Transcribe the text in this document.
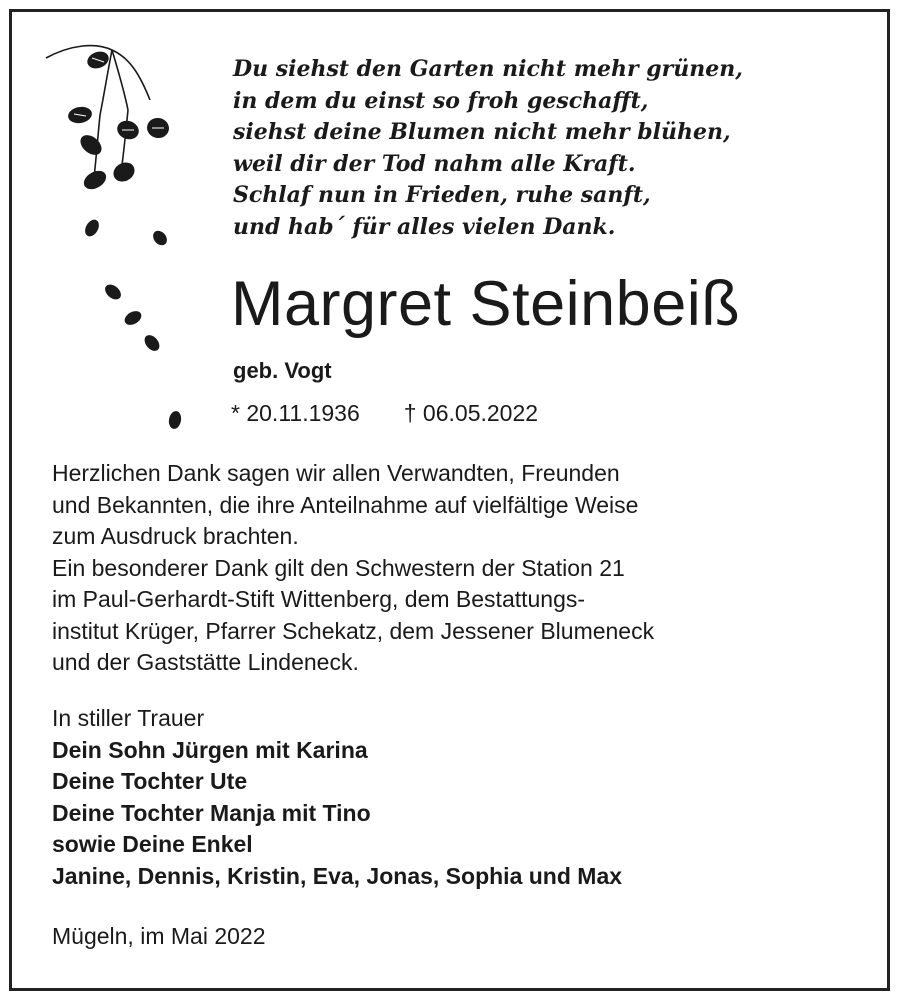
Du siehst den Garten nicht mehr grünen,
in dem du einst so froh geschafft,
siehst deine Blumen nicht mehr blühen,
weil dir der Tod nahm alle Kraft.
Schlaf nun in Frieden, ruhe sanft,
und hab´ für alles vielen Dank.
Margret Steinbeiß
geb. Vogt
* 20.11.1936 † 06.05.2022
Herzlichen Dank sagen wir allen Verwandten, Freunden
und Bekannten, die ihre Anteilnahme auf vielfältige Weise
zum Ausdruck brachten.
Ein besonderer Dank gilt den Schwestern der Station 21
im Paul-Gerhardt-Stift Wittenberg, dem Bestattungs-
institut Krüger, Pfarrer Schekatz, dem Jessener Blumeneck
und der Gaststätte Lindeneck.
In stiller Trauer
Dein Sohn Jürgen mit Karina
Deine Tochter Ute
Deine Tochter Manja mit Tino
sowie Deine Enkel
Janine, Dennis, Kristin, Eva, Jonas, Sophia und Max
Mügeln, im Mai 2022
